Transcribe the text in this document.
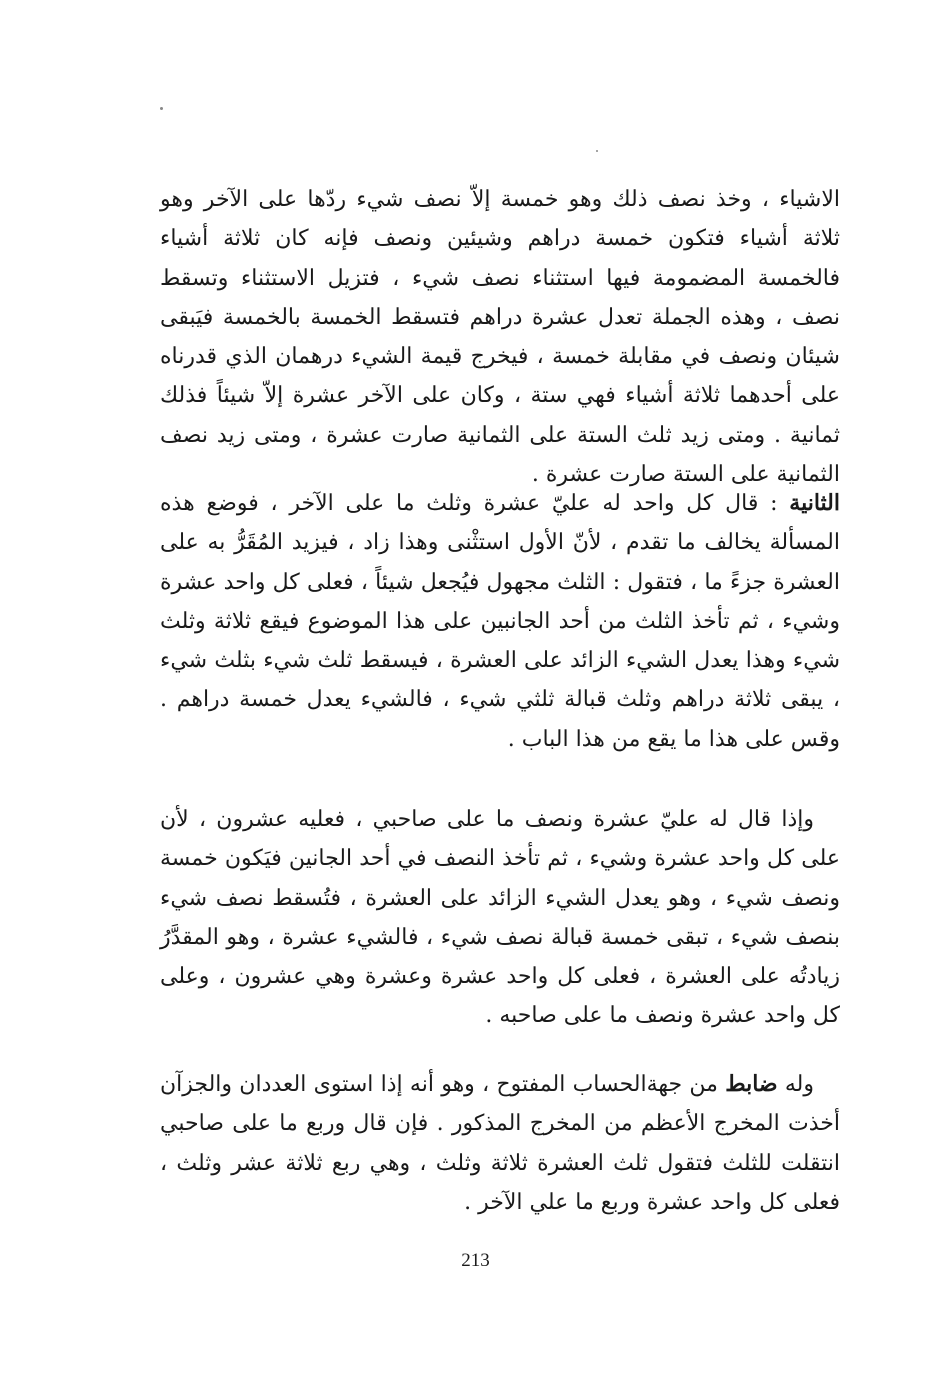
الاشياء ، وخذ نصف ذلك وهو خمسة إلاّ نصف شيء ردّها على الآخر وهو ثلاثة أشياء فتكون خمسة دراهم وشيئين ونصف فإنه كان ثلاثة أشياء فالخمسة المضمومة فيها استثناء نصف شيء ، فتزيل الاستثناء وتسقط نصف ، وهذه الجملة تعدل عشرة دراهم فتسقط الخمسة بالخمسة فيَبقى شيئان ونصف في مقابلة خمسة ، فيخرج قيمة الشيء درهمان الذي قدرناه على أحدهما ثلاثة أشياء فهي ستة ، وكان على الآخر عشرة إلاّ شيئاً فذلك ثمانية . ومتى زيد ثلث الستة على الثمانية صارت عشرة ، ومتى زيد نصف الثمانية على الستة صارت عشرة .

الثانية : قال كل واحد له عليّ عشرة وثلث ما على الآخر ، فوضع هذه المسألة يخالف ما تقدم ، لأنّ الأول استثْنى وهذا زاد ، فيزيد المُقَرُّ به على العشرة جزءً ما ، فتقول : الثلث مجهول فيُجعل شيئاً ، فعلى كل واحد عشرة وشيء ، ثم تأخذ الثلث من أحد الجانبين على هذا الموضوع فيقع ثلاثة وثلث شيء وهذا يعدل الشيء الزائد على العشرة ، فيسقط ثلث شيء بثلث شيء ، يبقى ثلاثة دراهم وثلث قبالة ثلثي شيء ، فالشيء يعدل خمسة دراهم . وقس على هذا ما يقع من هذا الباب .

وإذا قال له عليّ عشرة ونصف ما على صاحبي ، فعليه عشرون ، لأن على كل واحد عشرة وشيء ، ثم تأخذ النصف في أحد الجانين فيَكون خمسة ونصف شيء ، وهو يعدل الشيء الزائد على العشرة ، فتُسقط نصف شيء بنصف شيء ، تبقى خمسة قبالة نصف شيء ، فالشيء عشرة ، وهو المقدَّرُ زيادتُه على العشرة ، فعلى كل واحد عشرة وعشرة وهي عشرون ، وعلى كل واحد عشرة ونصف ما على صاحبه .

وله ضابط من جهةالحساب المفتوح ، وهو أنه إذا استوى العددان والجزآن أخذت المخرج الأعظم من المخرج المذكور . فإن قال وربع ما على صاحبي انتقلت للثلث فتقول ثلث العشرة ثلاثة وثلث ، وهي ربع ثلاثة عشر وثلث ، فعلى كل واحد عشرة وربع ما علي الآخر .

213
